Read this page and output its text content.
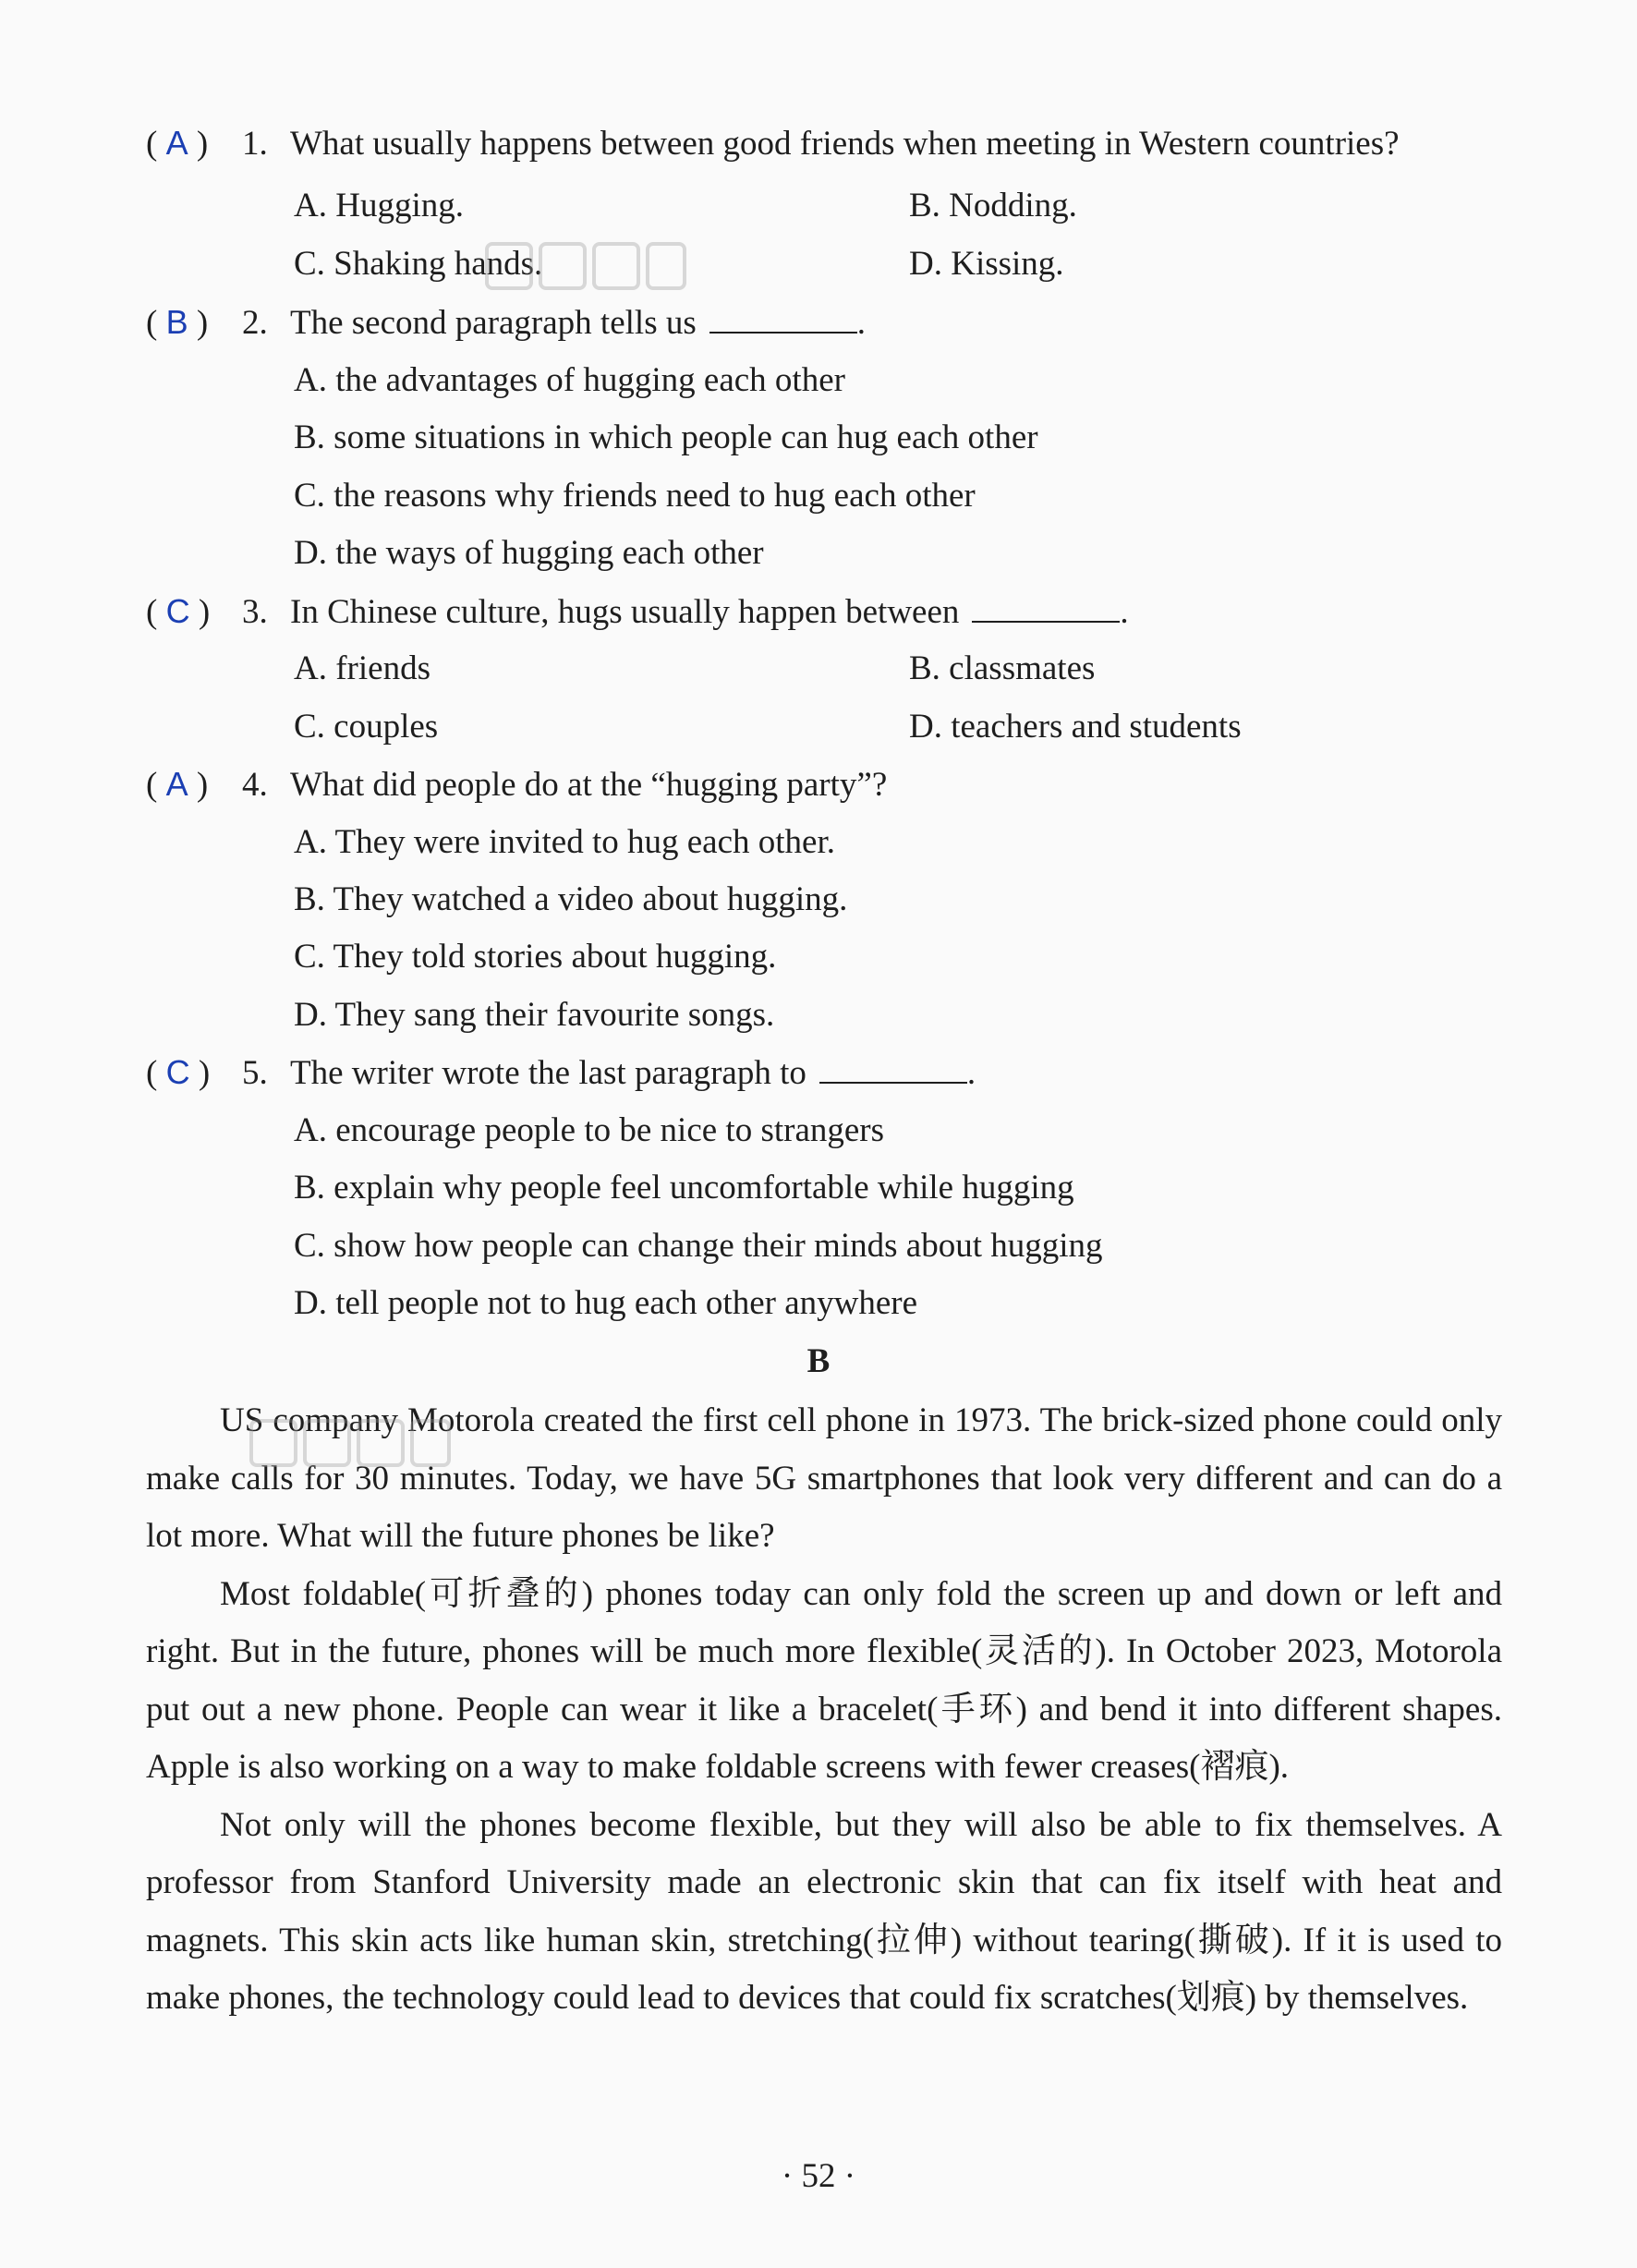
( A ) 1. What usually happens between good friends when meeting in Western countries?
A. Hugging.	B. Nodding.
C. Shaking hands.	D. Kissing.
( B ) 2. The second paragraph tells us	.
A. the advantages of hugging each other
B. some situations in which people can hug each other
C. the reasons why friends need to hug each other
D. the ways of hugging each other
( C ) 3. In Chinese culture, hugs usually happen between	.
A. friends	B. classmates
C. couples	D. teachers and students
( A ) 4. What did people do at the “hugging party”?
A. They were invited to hug each other.
B. They watched a video about hugging.
C. They told stories about hugging.
D. They sang their favourite songs.
( C ) 5. The writer wrote the last paragraph to	.
A. encourage people to be nice to strangers
B. explain why people feel uncomfortable while hugging
C. show how people can change their minds about hugging
D. tell people not to hug each other anywhere
B

US company Motorola created the first cell phone in 1973. The brick-sized phone could only make calls for 30 minutes. Today, we have 5G smartphones that look very different and can do a lot more. What will the future phones be like?

Most foldable(可折叠的) phones today can only fold the screen up and down or left and right. But in the future, phones will be much more flexible(灵活的). In October 2023, Motorola put out a new phone. People can wear it like a bracelet(手环) and bend it into different shapes. Apple is also working on a way to make foldable screens with fewer creases(褶痕).

Not only will the phones become flexible, but they will also be able to fix themselves. A professor from Stanford University made an electronic skin that can fix itself with heat and magnets. This skin acts like human skin, stretching(拉伸) without tearing(撕破). If it is used to make phones, the technology could lead to devices that could fix scratches(划痕) by themselves.

· 52 ·
